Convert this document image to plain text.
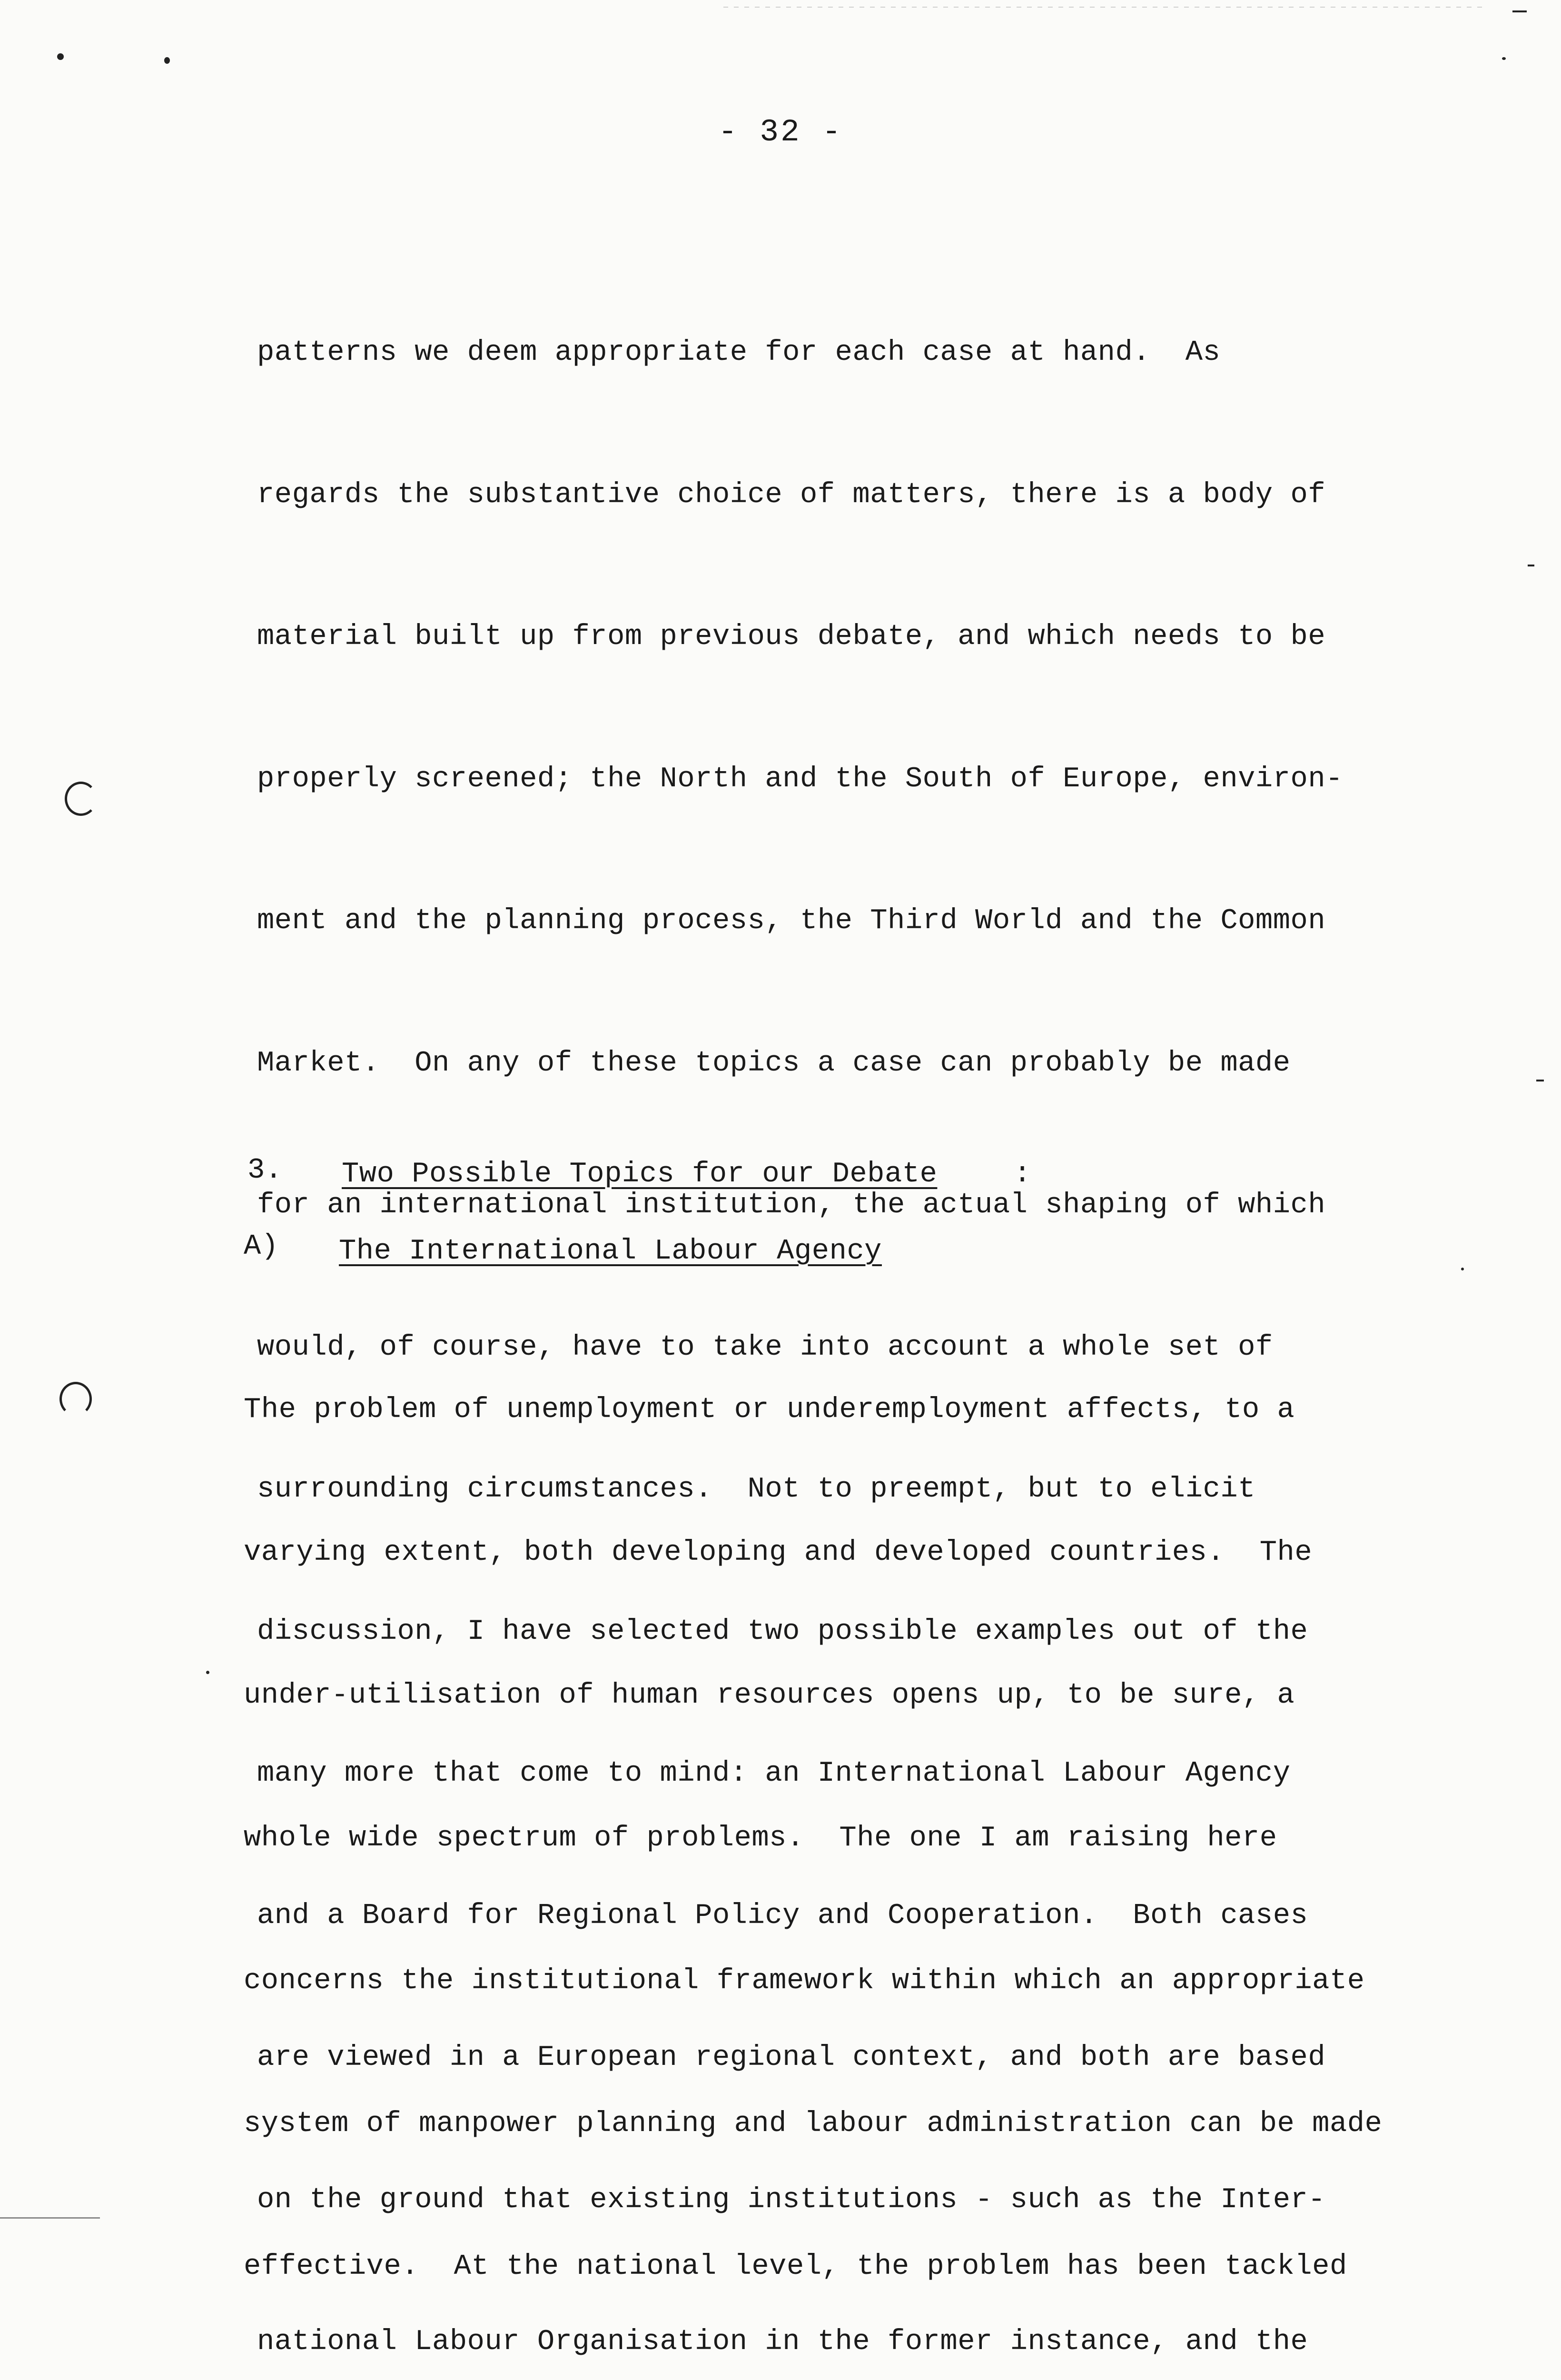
- 32 -

patterns we deem appropriate for each case at hand.  As

regards the substantive choice of matters, there is a body of

material built up from previous debate, and which needs to be

properly screened; the North and the South of Europe, environ-

ment and the planning process, the Third World and the Common

Market.  On any of these topics a case can probably be made

for an international institution, the actual shaping of which

would, of course, have to take into account a whole set of

surrounding circumstances.  Not to preempt, but to elicit

discussion, I have selected two possible examples out of the

many more that come to mind: an International Labour Agency

and a Board for Regional Policy and Cooperation.  Both cases

are viewed in a European regional context, and both are based

on the ground that existing institutions - such as the Inter-

national Labour Organisation in the former instance, and the

3. Two Possible Topics for our Debate	:
A) The International Labour Agency

The problem of unemployment or underemployment affects, to a

varying extent, both developing and developed countries.  The

under-utilisation of human resources opens up, to be sure, a

whole wide spectrum of problems.  The one I am raising here

concerns the institutional framework within which an appropriate

system of manpower planning and labour administration can be made

effective.  At the national level, the problem has been tackled
